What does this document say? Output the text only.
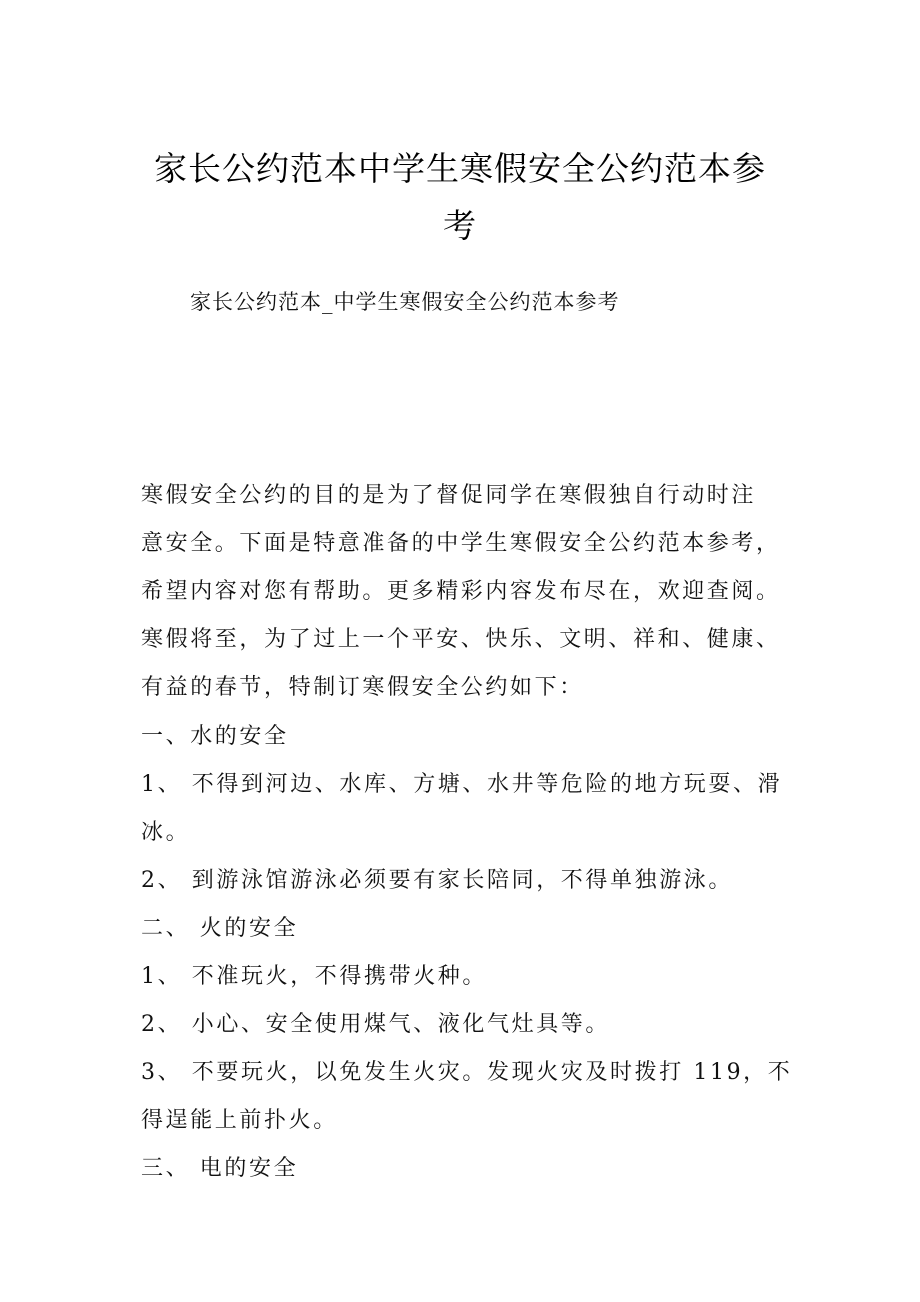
家长公约范本中学生寒假安全公约范本参
考
家长公约范本_中学生寒假安全公约范本参考
寒假安全公约的目的是为了督促同学在寒假独自行动时注
意安全。下面是特意准备的中学生寒假安全公约范本参考，
希望内容对您有帮助。更多精彩内容发布尽在，欢迎查阅。
寒假将至，为了过上一个平安、快乐、文明、祥和、健康、
有益的春节，特制订寒假安全公约如下：
一、水的安全
1、 不得到河边、水库、方塘、水井等危险的地方玩耍、滑
冰。
2、 到游泳馆游泳必须要有家长陪同，不得单独游泳。
二、 火的安全
1、 不准玩火，不得携带火种。
2、 小心、安全使用煤气、液化气灶具等。
3、 不要玩火，以免发生火灾。发现火灾及时拨打 119，不
得逞能上前扑火。
三、 电的安全
